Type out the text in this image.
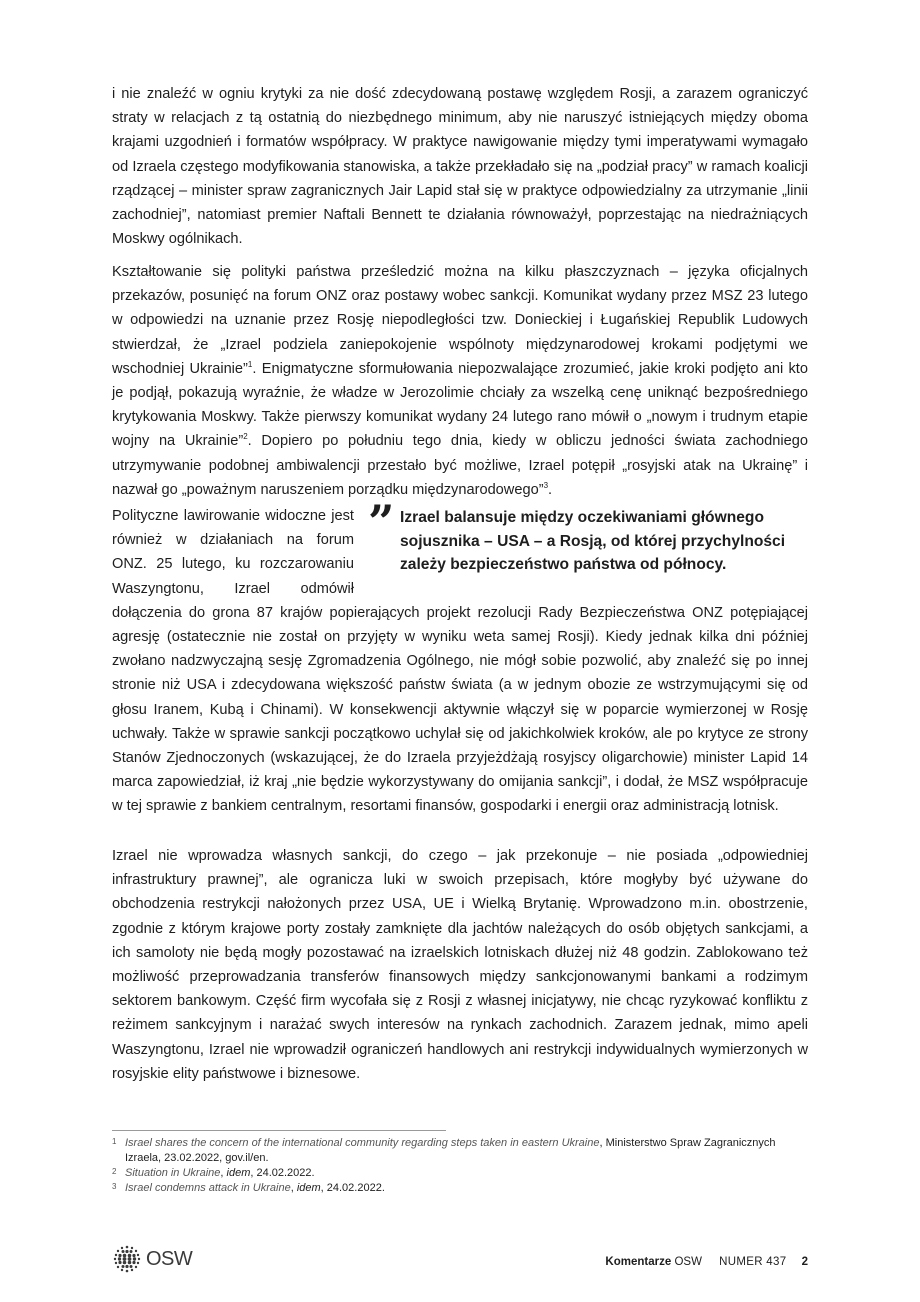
i nie znaleźć w ogniu krytyki za nie dość zdecydowaną postawę względem Rosji, a zarazem ograniczyć straty w relacjach z tą ostatnią do niezbędnego minimum, aby nie naruszyć istniejących między oboma krajami uzgodnień i formatów współpracy. W praktyce nawigowanie między tymi imperatywami wymagało od Izraela częstego modyfikowania stanowiska, a także przekładało się na „podział pracy” w ramach koalicji rządzącej – minister spraw zagranicznych Jair Lapid stał się w praktyce odpowiedzialny za utrzymanie „linii zachodniej”, natomiast premier Naftali Bennett te działania równoważył, poprzestając na niedrażniących Moskwy ogólnikach.

Kształtowanie się polityki państwa prześledzić można na kilku płaszczyznach – języka oficjalnych przekazów, posunięć na forum ONZ oraz postawy wobec sankcji. Komunikat wydany przez MSZ 23 lutego w odpowiedzi na uznanie przez Rosję niepodległości tzw. Donieckiej i Ługańskiej Republik Ludowych stwierdzał, że „Izrael podziela zaniepokojenie wspólnoty międzynarodowej krokami podjętymi we wschodniej Ukrainie”$^1$. Enigmatyczne sformułowania niepozwalające zrozumieć, jakie kroki podjęto ani kto je podjął, pokazują wyraźnie, że władze w Jerozolimie chciały za wszelką cenę uniknąć bezpośredniego krytykowania Moskwy. Także pierwszy komunikat wydany 24 lutego rano mówił o „nowym i trudnym etapie wojny na Ukrainie”$^2$. Dopiero po południu tego dnia, kiedy w obliczu jedności świata zachodniego utrzymywanie podobnej ambiwalencji przestało być możliwe, Izrael potępił „rosyjski atak na Ukrainę” i nazwał go „poważnym naruszeniem porządku międzynarodowego”$^3$.

” Izrael balansuje między oczekiwaniami głównego sojusznika – USA – a Rosją, od której przychylności zależy bezpieczeństwo państwa od północy.

Polityczne lawirowanie widoczne jest również w działaniach na forum ONZ. 25 lutego, ku rozczarowaniu Waszyngtonu, Izrael odmówił dołączenia do grona 87 krajów popierających projekt rezolucji Rady Bezpieczeństwa ONZ potępiającej agresję (ostatecznie nie został on przyjęty w wyniku weta samej Rosji). Kiedy jednak kilka dni później zwołano nadzwyczajną sesję Zgromadzenia Ogólnego, nie mógł sobie pozwolić, aby znaleźć się po innej stronie niż USA i zdecydowana większość państw świata (a w jednym obozie ze wstrzymującymi się od głosu Iranem, Kubą i Chinami). W konsekwencji aktywnie włączył się w poparcie wymierzonej w Rosję uchwały. Także w sprawie sankcji początkowo uchylał się od jakichkolwiek kroków, ale po krytyce ze strony Stanów Zjednoczonych (wskazującej, że do Izraela przyjeżdżają rosyjscy oligarchowie) minister Lapid 14 marca zapowiedział, iż kraj „nie będzie wykorzystywany do omijania sankcji”, i dodał, że MSZ współpracuje w tej sprawie z bankiem centralnym, resortami finansów, gospodarki i energii oraz administracją lotnisk.

Izrael nie wprowadza własnych sankcji, do czego – jak przekonuje – nie posiada „odpowiedniej infrastruktury prawnej”, ale ogranicza luki w swoich przepisach, które mogłyby być używane do obchodzenia restrykcji nałożonych przez USA, UE i Wielką Brytanię. Wprowadzono m.in. obostrzenie, zgodnie z którym krajowe porty zostały zamknięte dla jachtów należących do osób objętych sankcjami, a ich samoloty nie będą mogły pozostawać na izraelskich lotniskach dłużej niż 48 godzin. Zablokowano też możliwość przeprowadzania transferów finansowych między sankcjonowanymi bankami a rodzimym sektorem bankowym. Część firm wycofała się z Rosji z własnej inicjatywy, nie chcąc ryzykować konfliktu z reżimem sankcyjnym i narażać swych interesów na rynkach zachodnich. Zarazem jednak, mimo apeli Waszyngtonu, Izrael nie wprowadził ograniczeń handlowych ani restrykcji indywidualnych wymierzonych w rosyjskie elity państwowe i biznesowe.

1 Israel shares the concern of the international community regarding steps taken in eastern Ukraine, Ministerstwo Spraw Zagranicznych Izraela, 23.02.2022, gov.il/en.

2 Situation in Ukraine, idem, 24.02.2022.

3 Israel condemns attack in Ukraine, idem, 24.02.2022.

OSW	Komentarze OSW NUMER 437 2
